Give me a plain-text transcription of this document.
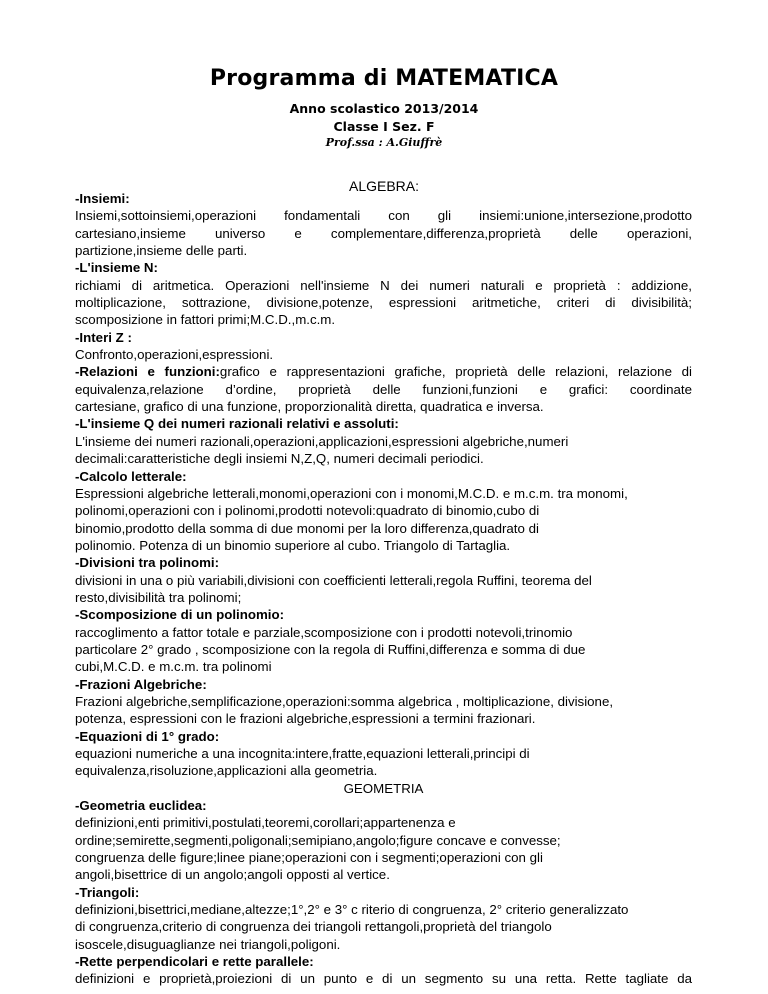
Programma di MATEMATICA
Anno scolastico 2013/2014
Classe I Sez. F
Prof.ssa : A.Giuffrè
ALGEBRA:
-Insiemi:
Insiemi,sottoinsiemi,operazioni fondamentali con gli insiemi:unione,intersezione,prodotto
cartesiano,insieme universo e complementare,differenza,proprietà delle operazioni,
partizione,insieme delle parti.
-L'insieme N:
richiami di aritmetica. Operazioni nell'insieme N dei numeri naturali e proprietà : addizione,
moltiplicazione, sottrazione, divisione,potenze, espressioni aritmetiche, criteri di divisibilità;
scomposizione in fattori primi;M.C.D.,m.c.m.
-Interi Z :
Confronto,operazioni,espressioni.
-Relazioni e funzioni:grafico e rappresentazioni grafiche, proprietà delle relazioni, relazione di
equivalenza,relazione d’ordine, proprietà delle funzioni,funzioni e grafici: coordinate
cartesiane, grafico di una funzione, proporzionalità diretta, quadratica e inversa.
-L'insieme Q dei numeri razionali relativi e assoluti:
L'insieme dei numeri razionali,operazioni,applicazioni,espressioni algebriche,numeri
decimali:caratteristiche degli insiemi N,Z,Q, numeri decimali periodici.
-Calcolo letterale:
Espressioni algebriche letterali,monomi,operazioni con i monomi,M.C.D. e m.c.m. tra monomi,
polinomi,operazioni con i polinomi,prodotti notevoli:quadrato di binomio,cubo di
binomio,prodotto della somma di due monomi per la loro differenza,quadrato di
polinomio. Potenza di un binomio superiore al cubo. Triangolo di Tartaglia.
-Divisioni tra polinomi:
divisioni in una o più variabili,divisioni con coefficienti letterali,regola Ruffini, teorema del
resto,divisibilità tra polinomi;
-Scomposizione di un polinomio:
raccoglimento a fattor totale e parziale,scomposizione con i prodotti notevoli,trinomio
particolare 2° grado , scomposizione con la regola di Ruffini,differenza e somma di due
cubi,M.C.D. e m.c.m. tra polinomi
-Frazioni Algebriche:
Frazioni algebriche,semplificazione,operazioni:somma algebrica , moltiplicazione, divisione,
potenza, espressioni con le frazioni algebriche,espressioni a termini frazionari.
-Equazioni di 1° grado:
equazioni numeriche a una incognita:intere,fratte,equazioni letterali,principi di
equivalenza,risoluzione,applicazioni alla geometria.
GEOMETRIA
-Geometria euclidea:
definizioni,enti primitivi,postulati,teoremi,corollari;appartenenza e
ordine;semirette,segmenti,poligonali;semipiano,angolo;figure concave e convesse;
congruenza delle figure;linee piane;operazioni con i segmenti;operazioni con gli
angoli,bisettrice di un angolo;angoli opposti al vertice.
-Triangoli:
definizioni,bisettrici,mediane,altezze;1°,2° e 3° c riterio di congruenza, 2° criterio generalizzato
di congruenza,criterio di congruenza dei triangoli rettangoli,proprietà del triangolo
isoscele,disuguaglianze nei triangoli,poligoni.
-Rette perpendicolari e rette parallele:
definizioni e proprietà,proiezioni di un punto e di un segmento su una retta. Rette tagliate da
